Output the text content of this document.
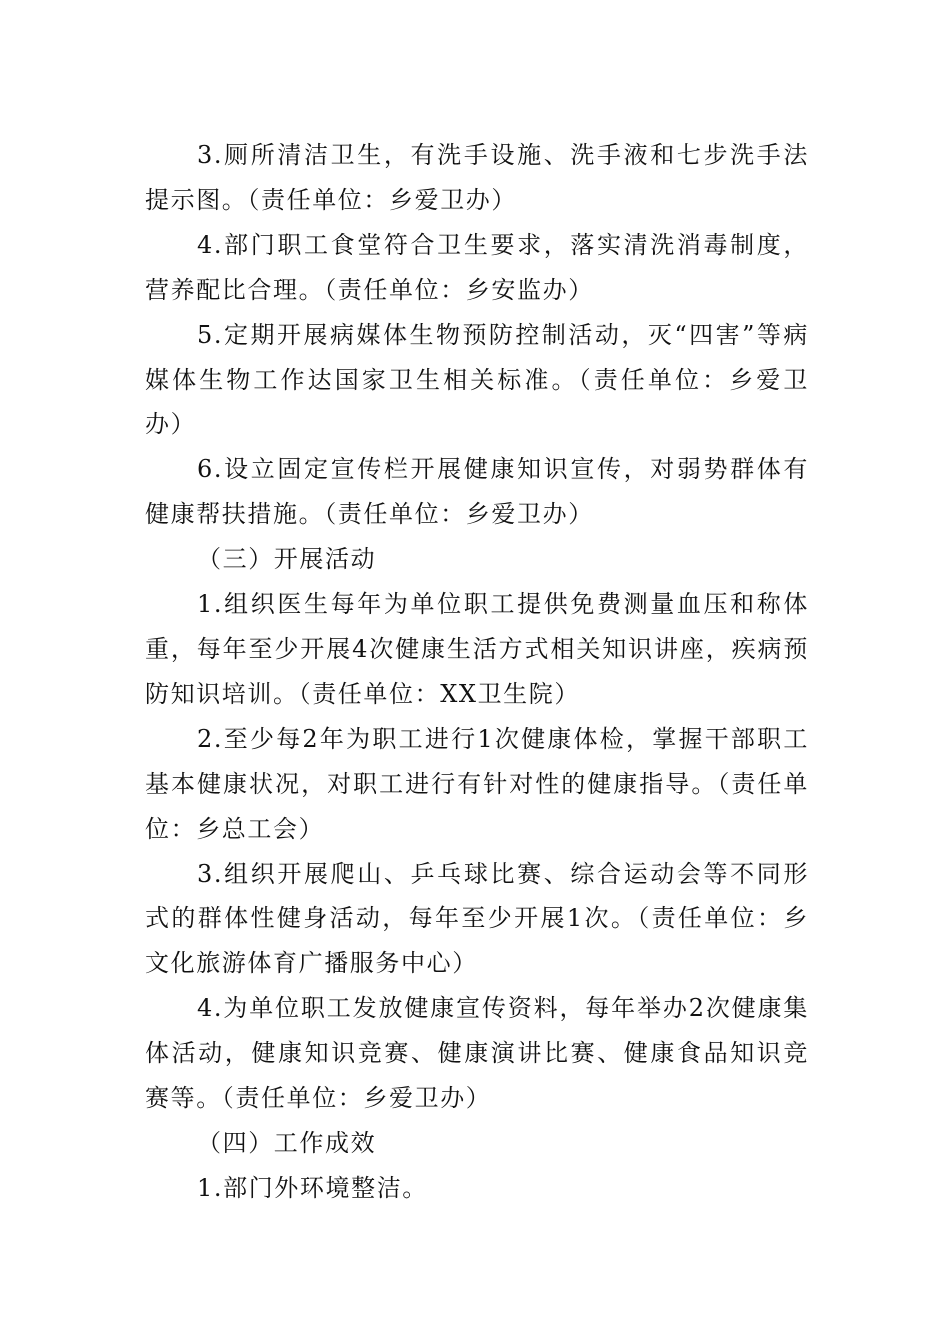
3.厕所清洁卫生，有洗手设施、洗手液和七步洗手法提示图。（责任单位：乡爱卫办）

4.部门职工食堂符合卫生要求，落实清洗消毒制度，营养配比合理。（责任单位：乡安监办）

5.定期开展病媒体生物预防控制活动，灭“四害”等病媒体生物工作达国家卫生相关标准。（责任单位：乡爱卫办）

6.设立固定宣传栏开展健康知识宣传，对弱势群体有健康帮扶措施。（责任单位：乡爱卫办）

（三）开展活动

1.组织医生每年为单位职工提供免费测量血压和称体重，每年至少开展4次健康生活方式相关知识讲座，疾病预防知识培训。（责任单位：XX卫生院）

2.至少每2年为职工进行1次健康体检，掌握干部职工基本健康状况，对职工进行有针对性的健康指导。（责任单位：乡总工会）

3.组织开展爬山、乒乓球比赛、综合运动会等不同形式的群体性健身活动，每年至少开展1次。（责任单位：乡文化旅游体育广播服务中心）

4.为单位职工发放健康宣传资料，每年举办2次健康集体活动，健康知识竞赛、健康演讲比赛、健康食品知识竞赛等。（责任单位：乡爱卫办）

（四）工作成效

1.部门外环境整洁。
